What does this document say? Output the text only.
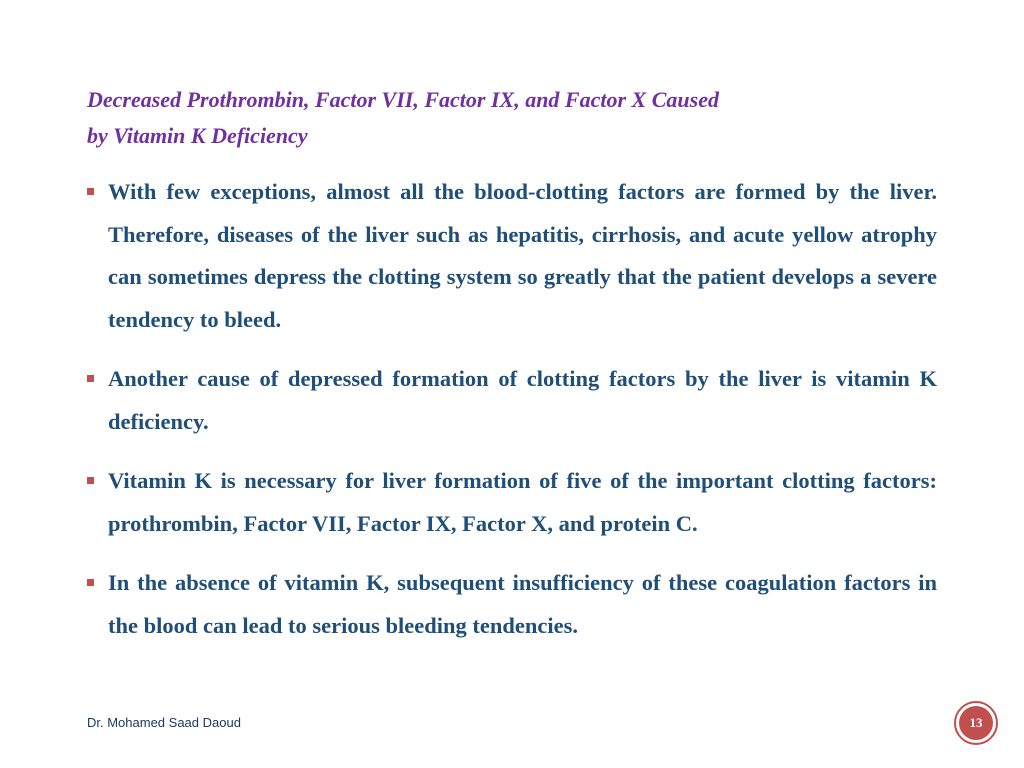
Decreased Prothrombin, Factor VII, Factor IX, and Factor X Caused
by Vitamin K Deficiency
With few exceptions, almost all the blood-clotting factors are formed by the liver. Therefore, diseases of the liver such as hepatitis, cirrhosis, and acute yellow atrophy can sometimes depress the clotting system so greatly that the patient develops a severe tendency to bleed.
Another cause of depressed formation of clotting factors by the liver is vitamin K deficiency.
Vitamin K is necessary for liver formation of five of the important clotting factors: prothrombin, Factor VII, Factor IX, Factor X, and protein C.
In the absence of vitamin K, subsequent insufficiency of these coagulation factors in the blood can lead to serious bleeding tendencies.
Dr. Mohamed Saad Daoud	13
